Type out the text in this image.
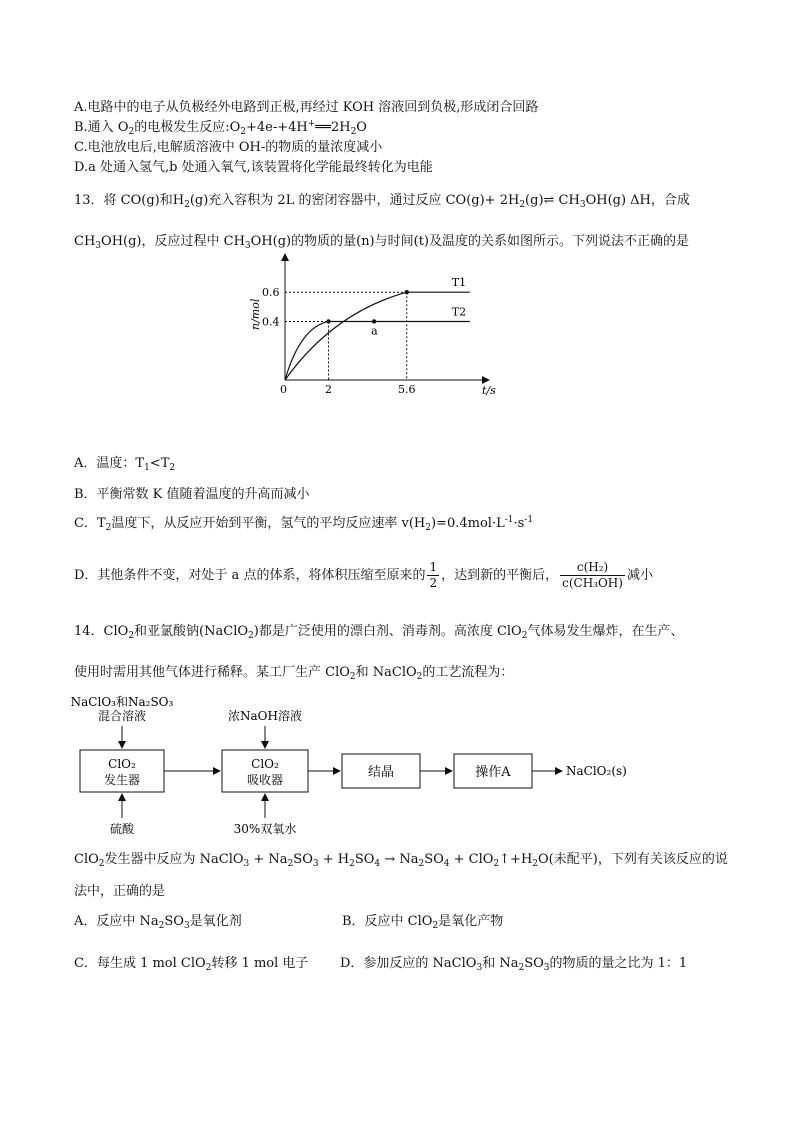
A.电路中的电子从负极经外电路到正极,再经过 KOH 溶液回到负极,形成闭合回路
B.通入 $O_2$的电极发生反应$:O_2+4e-+4H^+══2H_2O$
C.电池放电后,电解质溶液中 OH-的物质的量浓度减小
D.a 处通入氢气,b 处通入氧气,该装置将化学能最终转化为电能
13．将 CO(g)和$H_2(g)$充入容积为 2L 的密闭容器中，通过反应 $CO(g)+ 2H_2(g)\rightleftharpoons$ $CH_3OH(g)$ ΔH，合成
$CH_3OH(g)$，反应过程中 $CH_3OH(g)$的物质的量(n)与时间(t)及温度的关系如图所示。下列说法不正确的是
a
T1
T2
0	2	5.6	t/s
0.6
0.4
n/mol
A．温度：$T_1<T_2$
B．平衡常数 K 值随着温度的升高而减小
C．$T_2$温度下，从反应开始到平衡，氢气的平均反应速率 $v(H_2)=0.4mol\cdot L^{-1}\cdot s^{-1}$
D．其他条件不变，对处于 a 点的体系，将体积压缩至原来的 $\frac{1}{2}$ ，达到新的平衡后， $\frac{\text{c(H₂)}}{\text{c(CH₃OH)}}$ 减小
14．ClO$_2$和亚氯酸钠(NaClO$_2$)都是广泛使用的漂白剂、消毒剂。高浓度 ClO$_2$气体易发生爆炸，在生产、
使用时需用其他气体进行稀释。某工厂生产 ClO$_2$和 NaClO$_2$的工艺流程为：
NaClO₃和Na₂SO₃
混合溶液	浓NaOH溶液
ClO₂
发生器
ClO₂
吸收器	结晶	操作A	NaClO₂(s)
硫酸	30%双氧水
ClO$_2$发生器中反应为 NaClO$_3$ + $Na_2SO_3 + H_2SO_4 \to Na_2SO_4$ + $ClO_2↑+H_2O$(未配平)，下列有关该反应的说
法中，正确的是
A．反应中 $Na_2SO_3$是氧化剂	B．反应中 ClO$_2$是氧化产物
C．每生成 1 mol ClO$_2$转移 1 mol 电子 D．参加反应的 NaClO$_3$和 $Na_2SO_3$的物质的量之比为 1：1
